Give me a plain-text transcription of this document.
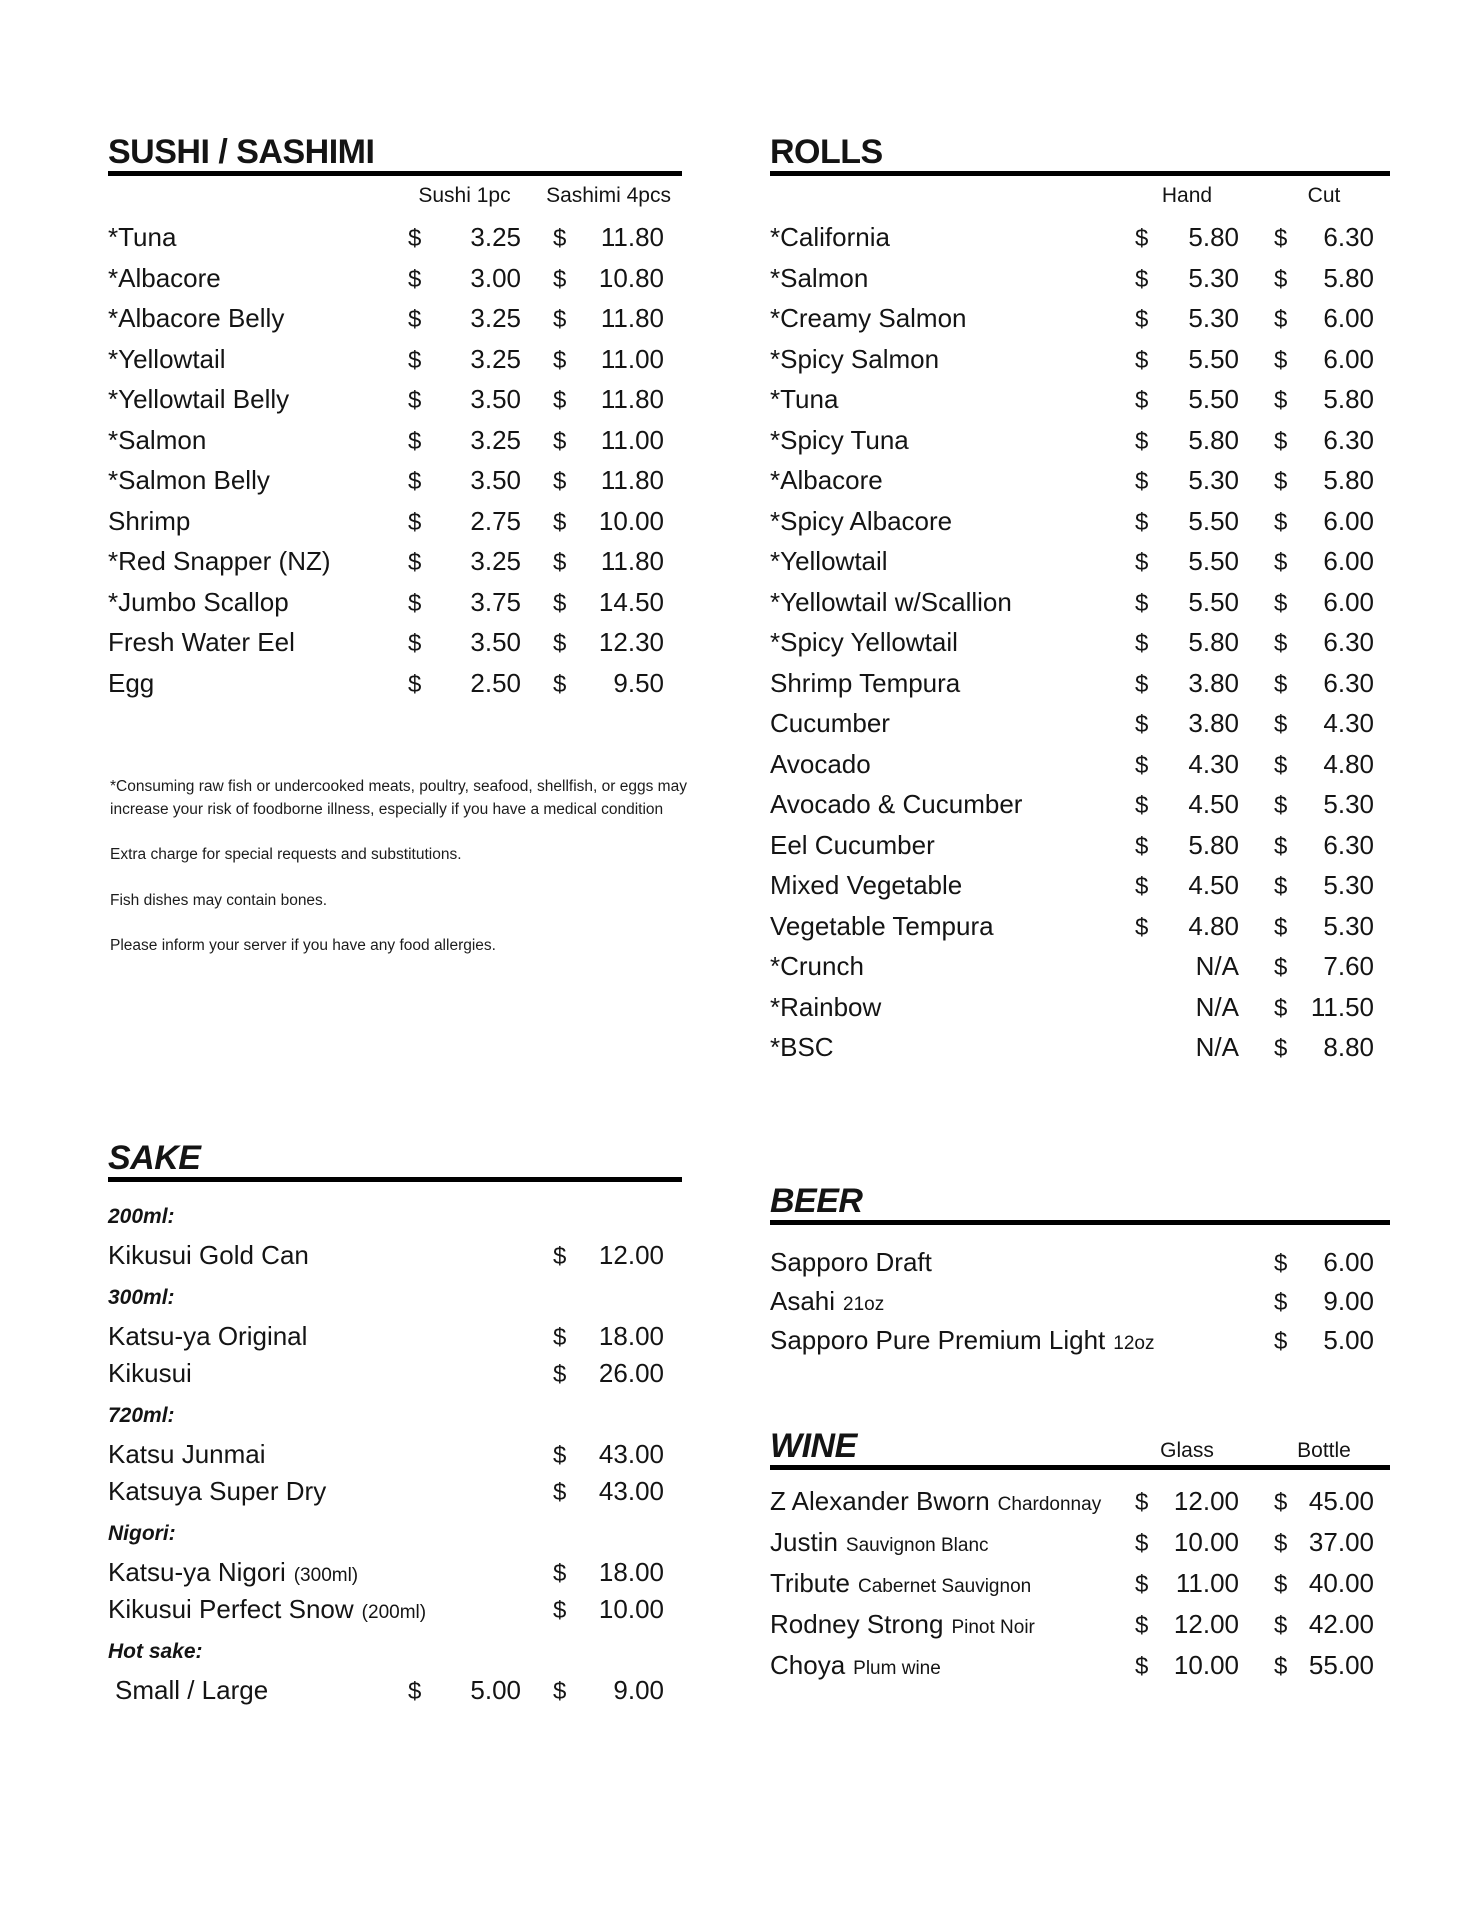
SUSHI / SASHIMI
Sushi 1pc	Sashimi 4pcs
*Tuna	$ 3.25 $ 11.80
*Albacore	$ 3.00 $ 10.80
*Albacore Belly	$ 3.25 $ 11.80
*Yellowtail	$ 3.25 $ 11.00
*Yellowtail Belly	$ 3.50 $ 11.80
*Salmon	$ 3.25 $ 11.00
*Salmon Belly	$ 3.50 $ 11.80
Shrimp	$ 2.75 $ 10.00
*Red Snapper (NZ)	$ 3.25 $ 11.80
*Jumbo Scallop	$ 3.75 $ 14.50
Fresh Water Eel	$ 3.50 $ 12.30
Egg	$ 2.50 $ 9.50

*Consuming raw fish or undercooked meats, poultry, seafood, shellfish, or eggs may increase your risk of foodborne illness, especially if you have a medical condition

Extra charge for special requests and substitutions.

Fish dishes may contain bones.

Please inform your server if you have any food allergies.

SAKE
200ml:
Kikusui Gold Can	$ 12.00
300ml:
Katsu-ya Original	$ 18.00
Kikusui	$ 26.00
720ml:
Katsu Junmai	$ 43.00
Katsuya Super Dry	$ 43.00
Nigori:
Katsu-ya Nigori (300ml)	$ 18.00
Kikusui Perfect Snow (200ml)	$ 10.00
Hot sake:
Small / Large	$ 5.00 $ 9.00
ROLLS
Hand	Cut
*California	$ 5.80 $ 6.30
*Salmon	$ 5.30 $ 5.80
*Creamy Salmon	$ 5.30 $ 6.00
*Spicy Salmon	$ 5.50 $ 6.00
*Tuna	$ 5.50 $ 5.80
*Spicy Tuna	$ 5.80 $ 6.30
*Albacore	$ 5.30 $ 5.80
*Spicy Albacore	$ 5.50 $ 6.00
*Yellowtail	$ 5.50 $ 6.00
*Yellowtail w/Scallion	$ 5.50 $ 6.00
*Spicy Yellowtail	$ 5.80 $ 6.30
Shrimp Tempura	$ 3.80 $ 6.30
Cucumber	$ 3.80 $ 4.30
Avocado	$ 4.30 $ 4.80
Avocado & Cucumber	$ 4.50 $ 5.30
Eel Cucumber	$ 5.80 $ 6.30
Mixed Vegetable	$ 4.50 $ 5.30
Vegetable Tempura	$ 4.80 $ 5.30
*Crunch	N/A $ 7.60
*Rainbow	N/A $ 11.50
*BSC	N/A $ 8.80
BEER
Sapporo Draft	$ 6.00
Asahi 21oz	$ 9.00
Sapporo Pure Premium Light 12oz	$ 5.00
WINE	Glass	Bottle
Z Alexander Bworn Chardonnay	$ 12.00 $ 45.00
Justin Sauvignon Blanc	$ 10.00 $ 37.00
Tribute Cabernet Sauvignon	$ 11.00 $ 40.00
Rodney Strong Pinot Noir	$ 12.00 $ 42.00
Choya Plum wine	$ 10.00 $ 55.00
